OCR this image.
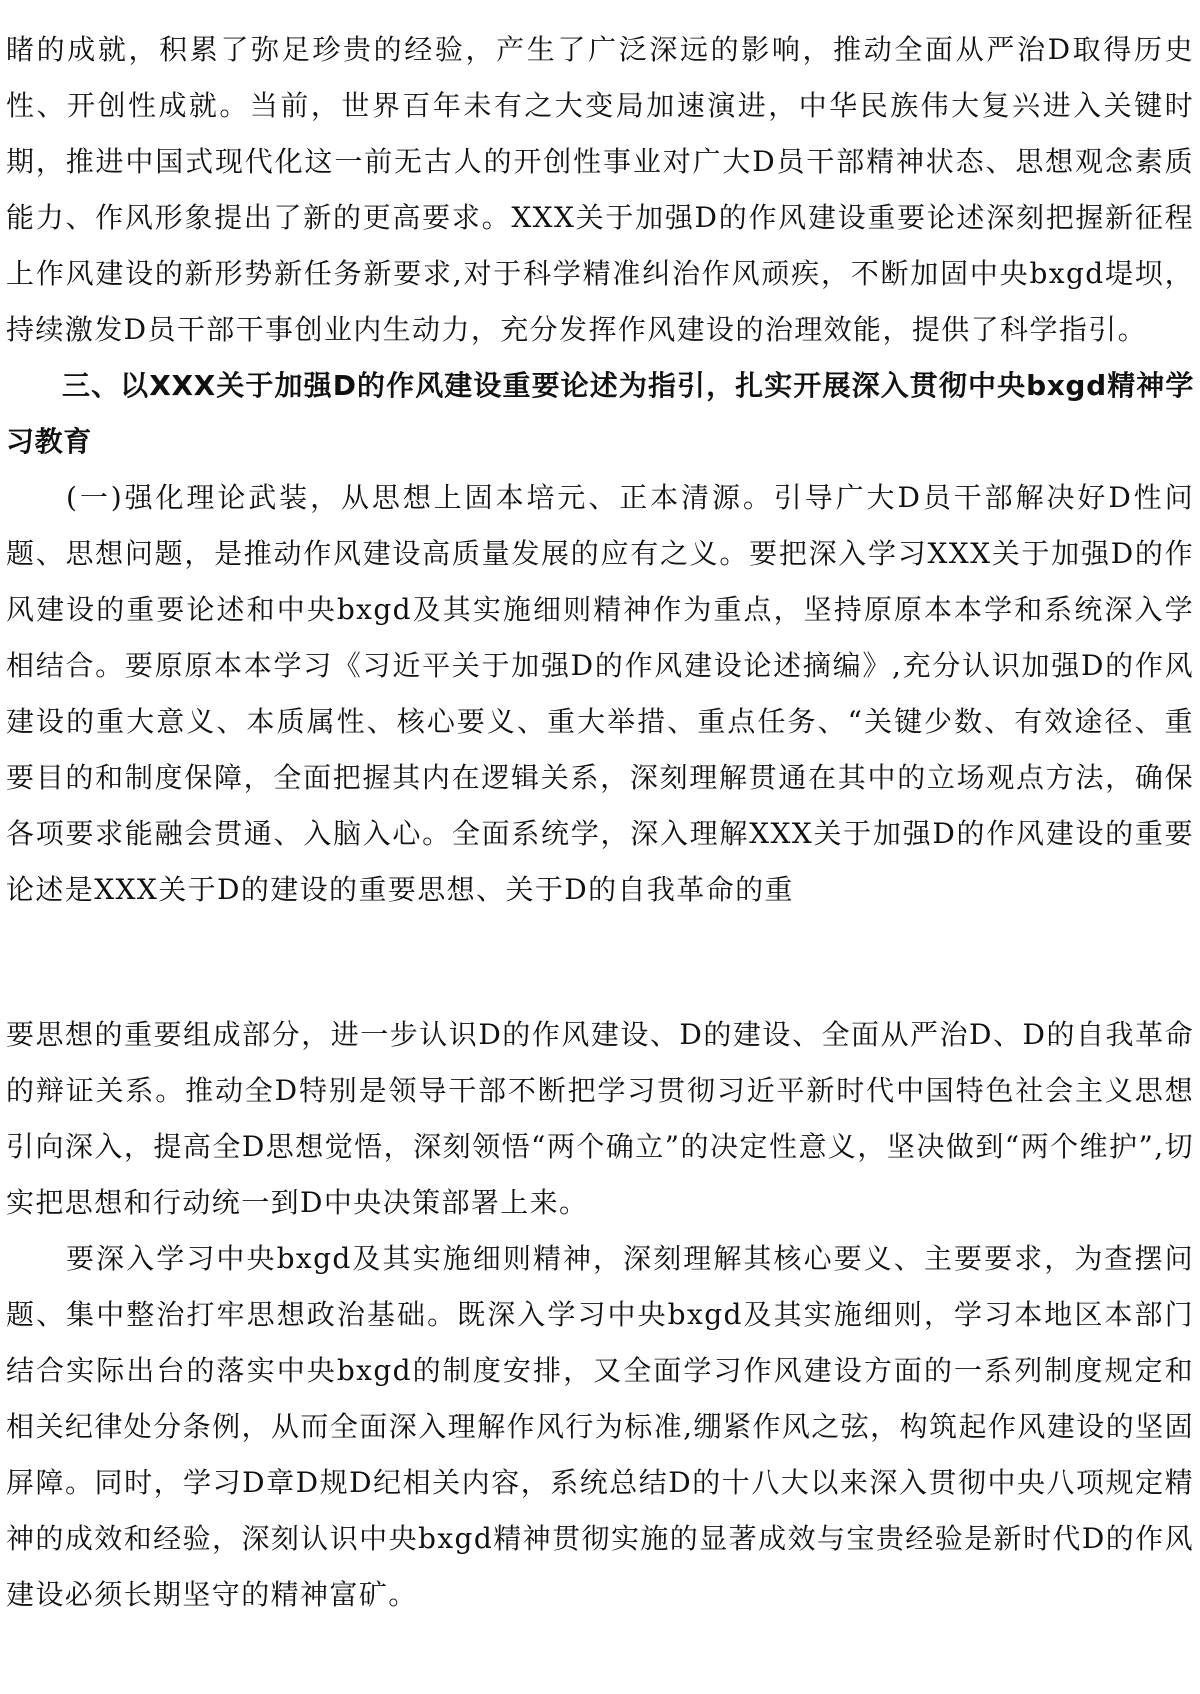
睹的成就，积累了弥足珍贵的经验，产生了广泛深远的影响，推动全面从严治D取得历史性、开创性成就。当前，世界百年未有之大变局加速演进，中华民族伟大复兴进入关键时期，推进中国式现代化这一前无古人的开创性事业对广大D员干部精神状态、思想观念素质能力、作风形象提出了新的更高要求。XXX关于加强D的作风建设重要论述深刻把握新征程上作风建设的新形势新任务新要求,对于科学精准纠治作风顽疾，不断加固中央bxgd堤坝，持续激发D员干部干事创业内生动力，充分发挥作风建设的治理效能，提供了科学指引。

三、以XXX关于加强D的作风建设重要论述为指引，扎实开展深入贯彻中央bxgd精神学习教育

(一)强化理论武装，从思想上固本培元、正本清源。引导广大D员干部解决好D性问题、思想问题，是推动作风建设高质量发展的应有之义。要把深入学习XXX关于加强D的作风建设的重要论述和中央bxgd及其实施细则精神作为重点，坚持原原本本学和系统深入学相结合。要原原本本学习《习近平关于加强D的作风建设论述摘编》,充分认识加强D的作风建设的重大意义、本质属性、核心要义、重大举措、重点任务、“关键少数、有效途径、重要目的和制度保障，全面把握其内在逻辑关系，深刻理解贯通在其中的立场观点方法，确保各项要求能融会贯通、入脑入心。全面系统学，深入理解XXX关于加强D的作风建设的重要论述是XXX关于D的建设的重要思想、关于D的自我革命的重

要思想的重要组成部分，进一步认识D的作风建设、D的建设、全面从严治D、D的自我革命的辩证关系。推动全D特别是领导干部不断把学习贯彻习近平新时代中国特色社会主义思想引向深入，提高全D思想觉悟，深刻领悟“两个确立”的决定性意义，坚决做到“两个维护”,切实把思想和行动统一到D中央决策部署上来。

要深入学习中央bxgd及其实施细则精神，深刻理解其核心要义、主要要求，为查摆问题、集中整治打牢思想政治基础。既深入学习中央bxgd及其实施细则，学习本地区本部门结合实际出台的落实中央bxgd的制度安排，又全面学习作风建设方面的一系列制度规定和相关纪律处分条例，从而全面深入理解作风行为标准,绷紧作风之弦，构筑起作风建设的坚固屏障。同时，学习D章D规D纪相关内容，系统总结D的十八大以来深入贯彻中央八项规定精神的成效和经验，深刻认识中央bxgd精神贯彻实施的显著成效与宝贵经验是新时代D的作风建设必须长期坚守的精神富矿。
